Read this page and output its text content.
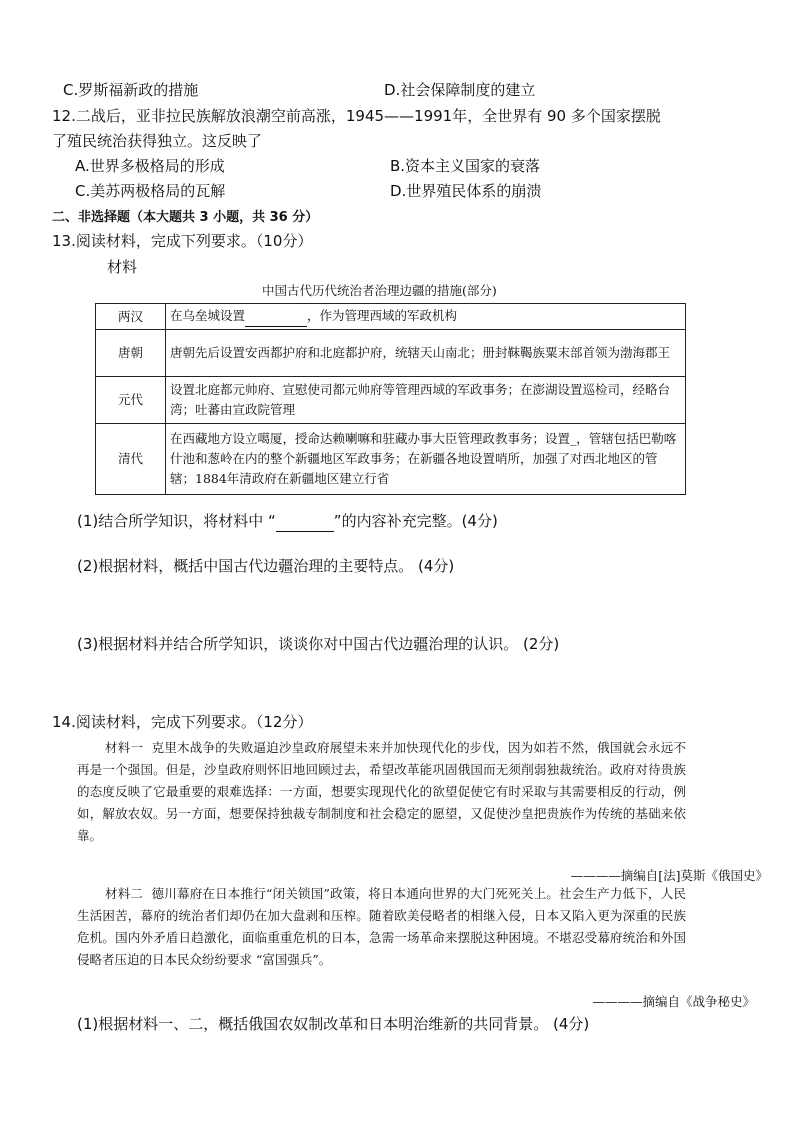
C.罗斯福新政的措施	D.社会保障制度的建立
12.二战后，亚非拉民族解放浪潮空前高涨，1945——1991年，全世界有 90 多个国家摆脱
了殖民统治获得独立。这反映了
A.世界多极格局的形成	B.资本主义国家的衰落
C.美苏两极格局的瓦解	D.世界殖民体系的崩溃
二、非选择题（本大题共 3 小题，共 36 分）
13.阅读材料，完成下列要求。（10分）
材料
中国古代历代统治者治理边疆的措施(部分)
两汉	在乌垒城设置 ，作为管理西域的军政机构
唐朝	唐朝先后设置安西都护府和北庭都护府，统辖天山南北；册封靺鞨族粟末部首领为渤海郡王
元代	设置北庭都元帅府、宣慰使司都元帅府等管理西域的军政事务；在澎湖设置巡检司，经略台湾；吐蕃由宣政院管理
清代	在西藏地方设立噶厦，授命达赖喇嘛和驻藏办事大臣管理政教事务；设置_，管辖包括巴勒喀什池和葱岭在内的整个新疆地区军政事务；在新疆各地设置哨所，加强了对西北地区的管辖；1884年清政府在新疆地区建立行省
(1)结合所学知识，将材料中 “	”的内容补充完整。(4分)
(2)根据材料，概括中国古代边疆治理的主要特点。 (4分)
(3)根据材料并结合所学知识，谈谈你对中国古代边疆治理的认识。 (2分)
14.阅读材料，完成下列要求。（12分）
材料一 克里木战争的失败逼迫沙皇政府展望未来并加快现代化的步伐，因为如若不然，俄国就会永远不再是一个强国。但是，沙皇政府则怀旧地回顾过去，希望改革能巩固俄国而无须削弱独裁统治。政府对待贵族的态度反映了它最重要的艰难选择：一方面，想要实现现代化的欲望促使它有时采取与其需要相反的行动，例如，解放农奴。另一方面，想要保持独裁专制制度和社会稳定的愿望，又促使沙皇把贵族作为传统的基础来依靠。
————摘编自[法]莫斯《俄国史》
材料二 德川幕府在日本推行“闭关锁国”政策，将日本通向世界的大门死死关上。社会生产力低下，人民生活困苦，幕府的统治者们却仍在加大盘剥和压榨。随着欧美侵略者的相继入侵，日本又陷入更为深重的民族危机。国内外矛盾日趋激化，面临重重危机的日本，急需一场革命来摆脱这种困境。不堪忍受幕府统治和外国侵略者压迫的日本民众纷纷要求 “富国强兵”。
————摘编自《战争秘史》
(1)根据材料一、二，概括俄国农奴制改革和日本明治维新的共同背景。 (4分)
